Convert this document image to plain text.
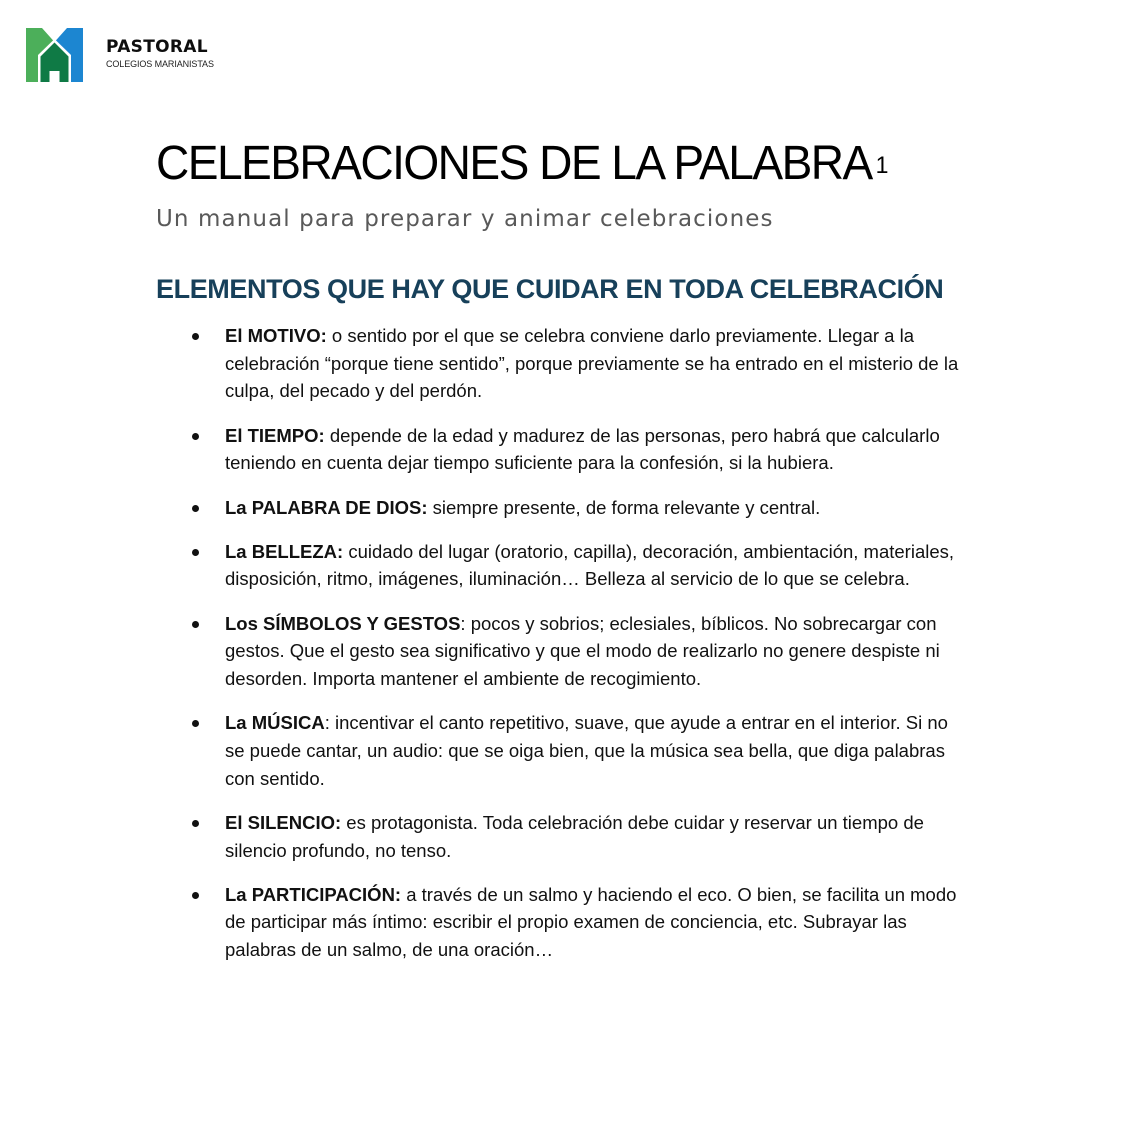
PASTORAL
COLEGIOS MARIANISTAS
CELEBRACIONES DE LA PALABRA $^1$

Un manual para preparar y animar celebraciones

ELEMENTOS QUE HAY QUE CUIDAR EN TODA CELEBRACIÓN
El MOTIVO: o sentido por el que se celebra conviene darlo previamente. Llegar a la celebración “porque tiene sentido”, porque previamente se ha entrado en el misterio de la culpa, del pecado y del perdón.
El TIEMPO: depende de la edad y madurez de las personas, pero habrá que calcularlo teniendo en cuenta dejar tiempo suficiente para la confesión, si la hubiera.
La PALABRA DE DIOS: siempre presente, de forma relevante y central.
La BELLEZA: cuidado del lugar (oratorio, capilla), decoración, ambientación, materiales, disposición, ritmo, imágenes, iluminación… Belleza al servicio de lo que se celebra.
Los SÍMBOLOS Y GESTOS: pocos y sobrios; eclesiales, bíblicos. No sobrecargar con gestos. Que el gesto sea significativo y que el modo de realizarlo no genere despiste ni desorden. Importa mantener el ambiente de recogimiento.
La MÚSICA: incentivar el canto repetitivo, suave, que ayude a entrar en el interior. Si no se puede cantar, un audio: que se oiga bien, que la música sea bella, que diga palabras con sentido.
El SILENCIO: es protagonista. Toda celebración debe cuidar y reservar un tiempo de silencio profundo, no tenso.
La PARTICIPACIÓN: a través de un salmo y haciendo el eco. O bien, se facilita un modo de participar más íntimo: escribir el propio examen de conciencia, etc. Subrayar las palabras de un salmo, de una oración…
